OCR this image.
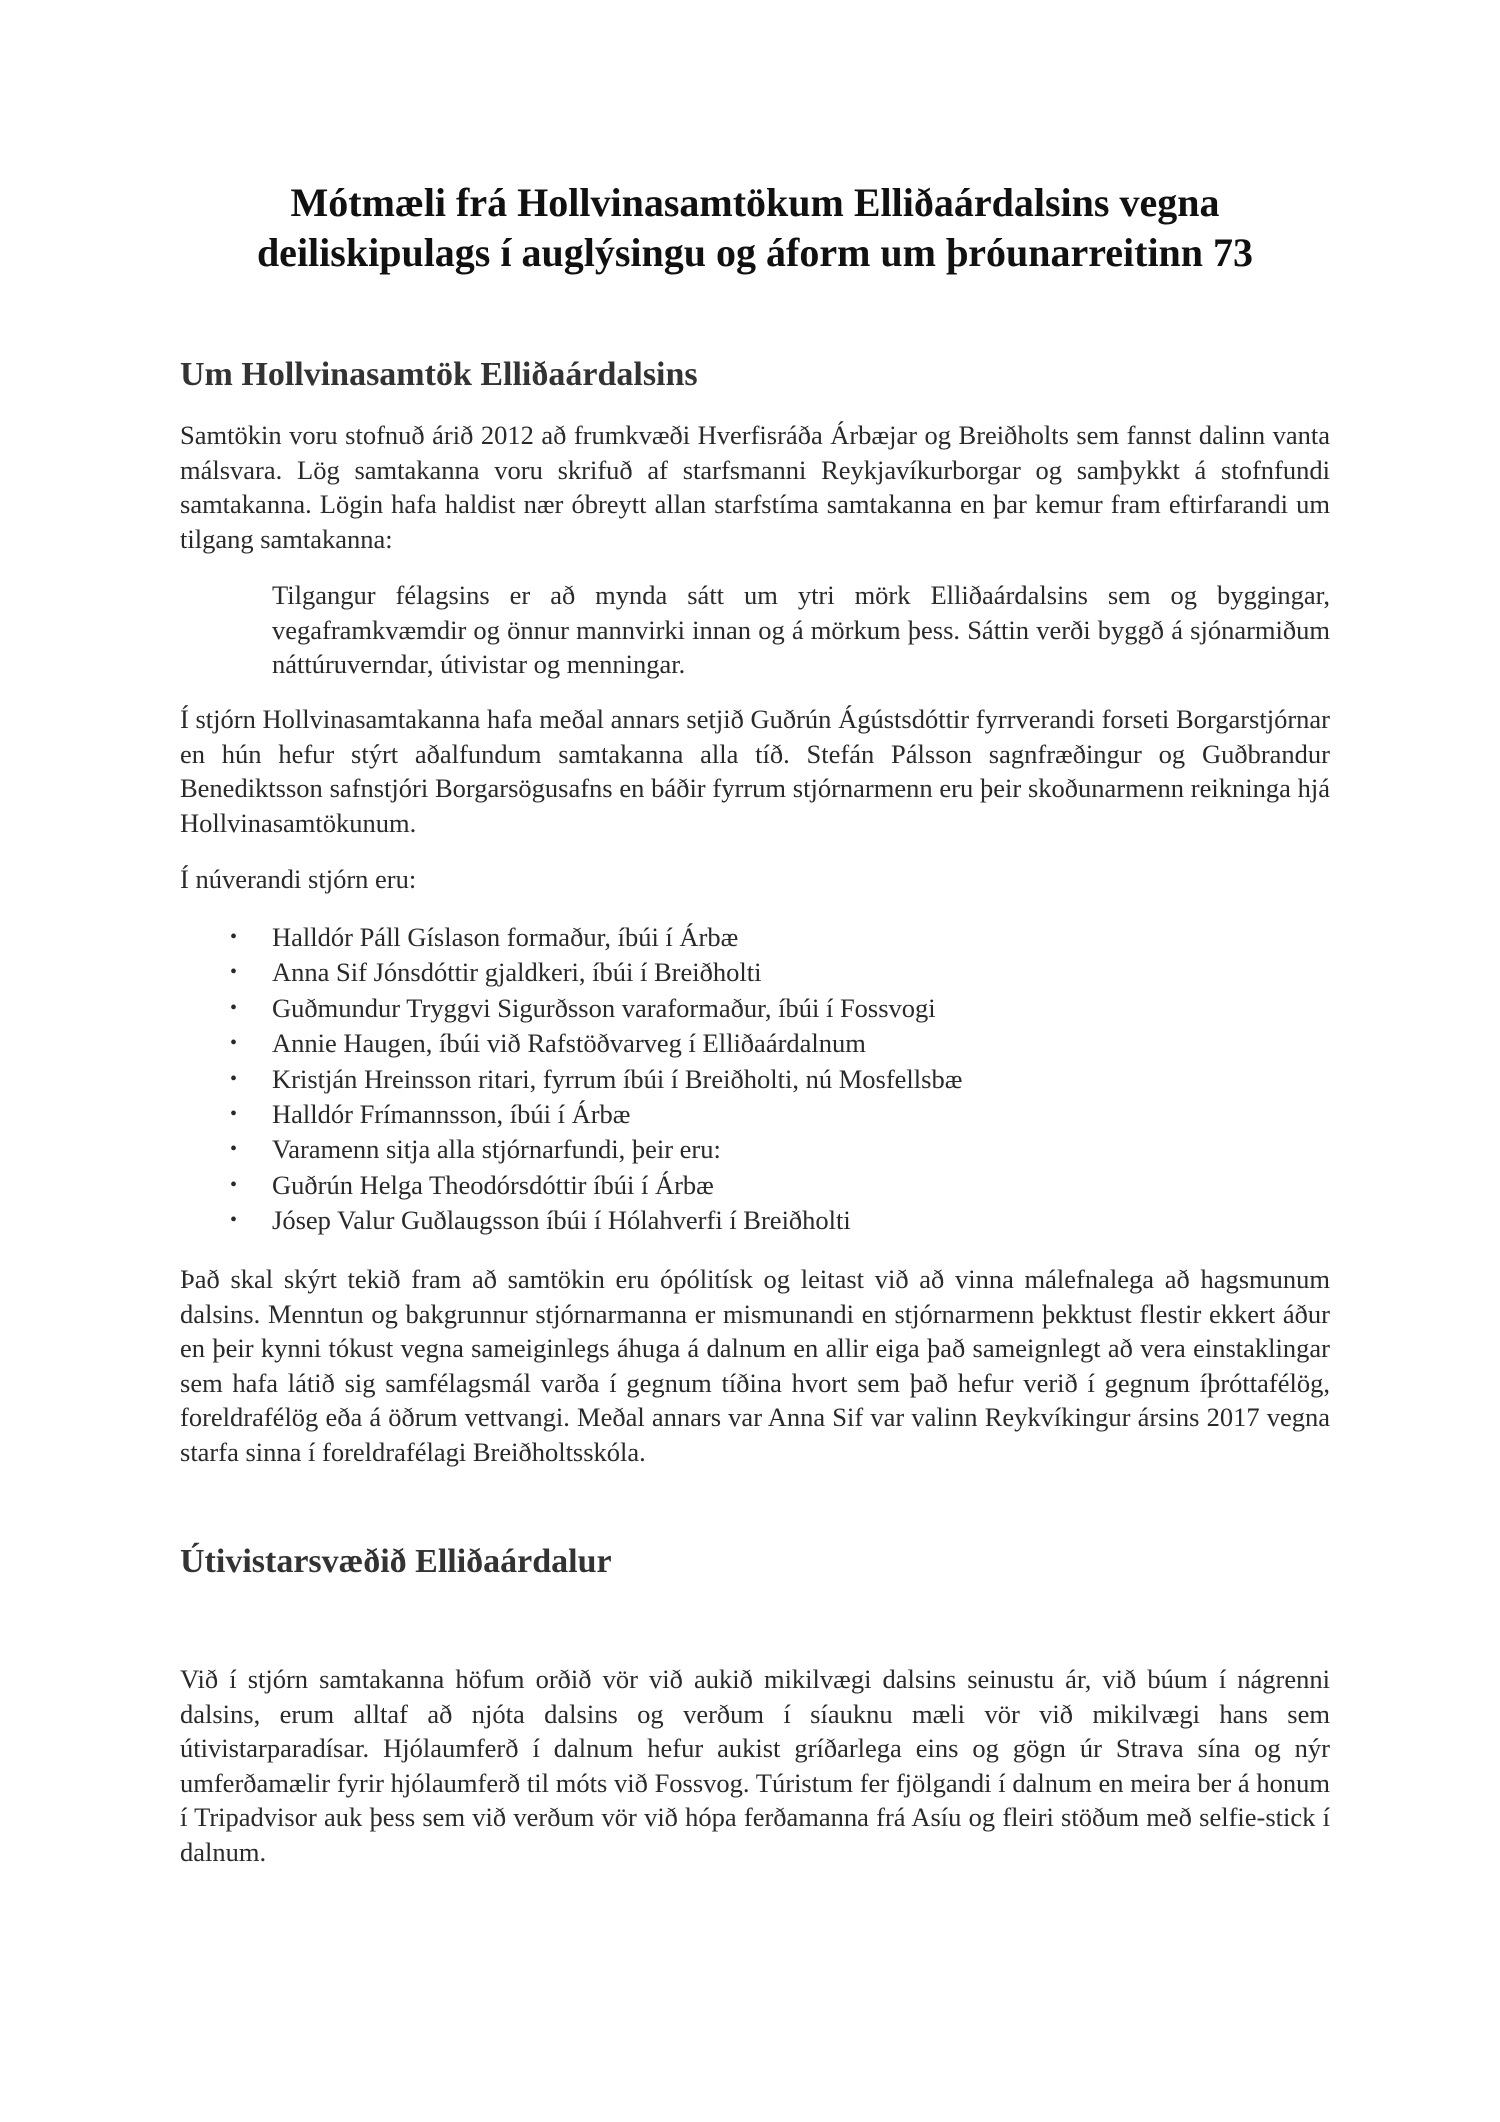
Mótmæli frá Hollvinasamtökum Elliðaárdalsins vegna
deiliskipulags í auglýsingu og áform um þróunarreitinn 73
Um Hollvinasamtök Elliðaárdalsins

Samtökin voru stofnuð árið 2012 að frumkvæði Hverfisráða Árbæjar og Breiðholts sem fannst dalinn vanta málsvara. Lög samtakanna voru skrifuð af starfsmanni Reykjavíkurborgar og samþykkt á stofnfundi samtakanna. Lögin hafa haldist nær óbreytt allan starfstíma samtakanna en þar kemur fram eftirfarandi um tilgang samtakanna:

Tilgangur félagsins er að mynda sátt um ytri mörk Elliðaárdalsins sem og byggingar, vegaframkvæmdir og önnur mannvirki innan og á mörkum þess. Sáttin verði byggð á sjónarmiðum náttúruverndar, útivistar og menningar.

Í stjórn Hollvinasamtakanna hafa meðal annars setjið Guðrún Ágústsdóttir fyrrverandi forseti Borgarstjórnar en hún hefur stýrt aðalfundum samtakanna alla tíð. Stefán Pálsson sagnfræðingur og Guðbrandur Benediktsson safnstjóri Borgarsögusafns en báðir fyrrum stjórnarmenn eru þeir skoðunarmenn reikninga hjá Hollvinasamtökunum.

Í núverandi stjórn eru:

• Halldór Páll Gíslason formaður, íbúi í Árbæ
• Anna Sif Jónsdóttir gjaldkeri, íbúi í Breiðholti
• Guðmundur Tryggvi Sigurðsson varaformaður, íbúi í Fossvogi
• Annie Haugen, íbúi við Rafstöðvarveg í Elliðaárdalnum
• Kristján Hreinsson ritari, fyrrum íbúi í Breiðholti, nú Mosfellsbæ
• Halldór Frímannsson, íbúi í Árbæ
• Varamenn sitja alla stjórnarfundi, þeir eru:
• Guðrún Helga Theodórsdóttir íbúi í Árbæ
• Jósep Valur Guðlaugsson íbúi í Hólahverfi í Breiðholti

Það skal skýrt tekið fram að samtökin eru ópólitísk og leitast við að vinna málefnalega að hagsmunum dalsins. Menntun og bakgrunnur stjórnarmanna er mismunandi en stjórnarmenn þekktust flestir ekkert áður en þeir kynni tókust vegna sameiginlegs áhuga á dalnum en allir eiga það sameignlegt að vera einstaklingar sem hafa látið sig samfélagsmál varða í gegnum tíðina hvort sem það hefur verið í gegnum íþróttafélög, foreldrafélög eða á öðrum vettvangi. Meðal annars var Anna Sif var valinn Reykvíkingur ársins 2017 vegna starfa sinna í foreldrafélagi Breiðholtsskóla.

Útivistarsvæðið Elliðaárdalur

Við í stjórn samtakanna höfum orðið vör við aukið mikilvægi dalsins seinustu ár, við búum í nágrenni dalsins, erum alltaf að njóta dalsins og verðum í síauknu mæli vör við mikilvægi hans sem útivistarparadísar. Hjólaumferð í dalnum hefur aukist gríðarlega eins og gögn úr Strava sína og nýr umferðamælir fyrir hjólaumferð til móts við Fossvog. Túristum fer fjölgandi í dalnum en meira ber á honum í Tripadvisor auk þess sem við verðum vör við hópa ferðamanna frá Asíu og fleiri stöðum með selfie-stick í dalnum.
